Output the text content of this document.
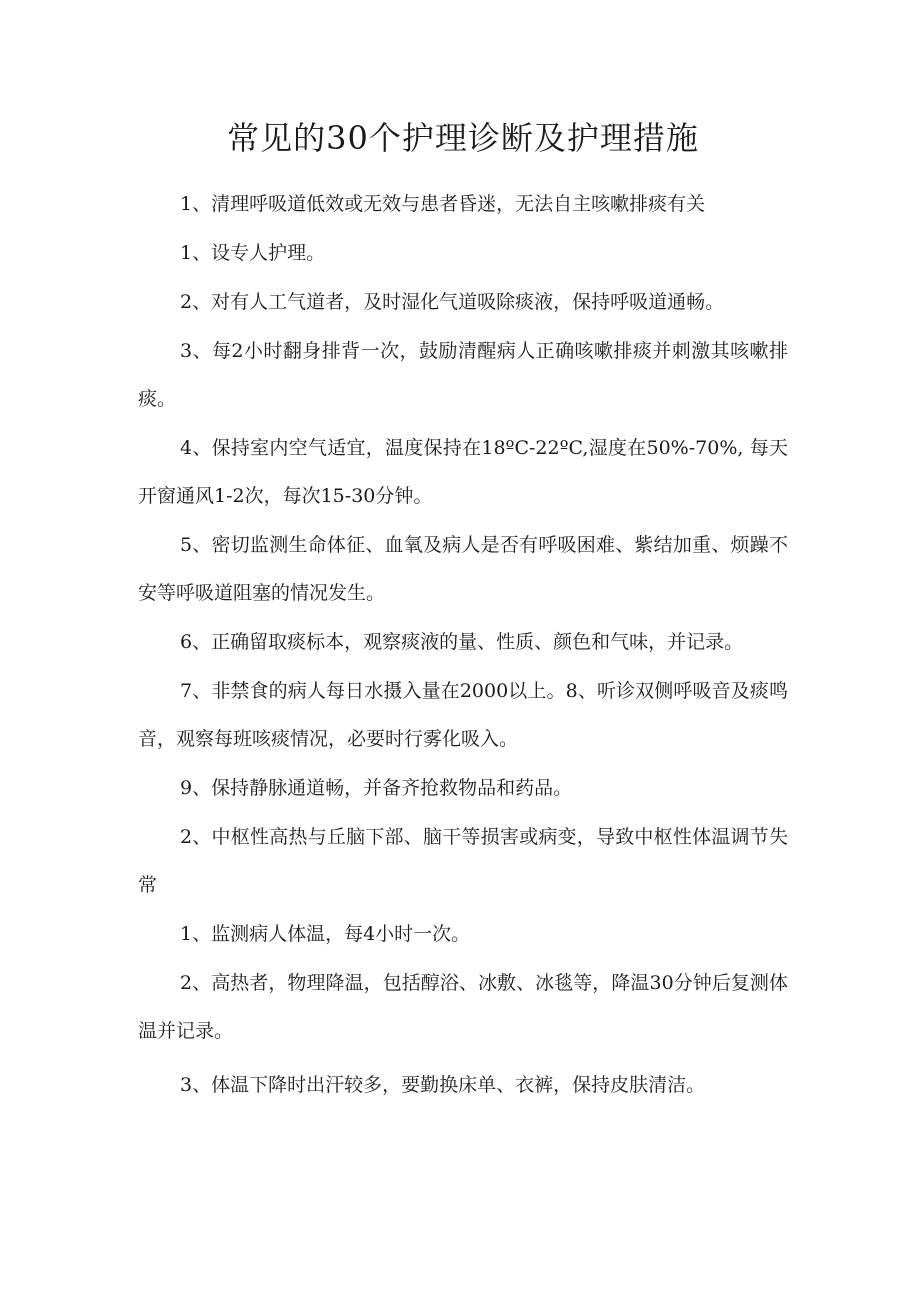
常见的30个护理诊断及护理措施

1、清理呼吸道低效或无效与患者昏迷，无法自主咳嗽排痰有关

1、设专人护理。

2、对有人工气道者，及时湿化气道吸除痰液，保持呼吸道通畅。

3、每2小时翻身排背一次，鼓励清醒病人正确咳嗽排痰并刺激其咳嗽排痰。

4、保持室内空气适宜，温度保持在18ºC-22ºC,湿度在50%-70%, 每天开窗通风1-2次，每次15-30分钟。

5、密切监测生命体征、血氧及病人是否有呼吸困难、紫结加重、烦躁不安等呼吸道阻塞的情况发生。

6、正确留取痰标本，观察痰液的量、性质、颜色和气味，并记录。

7、非禁食的病人每日水摄入量在2000以上。8、听诊双侧呼吸音及痰鸣音，观察每班咳痰情况，必要时行雾化吸入。

9、保持静脉通道畅，并备齐抢救物品和药品。

2、中枢性高热与丘脑下部、脑干等损害或病变，导致中枢性体温调节失常

1、监测病人体温，每4小时一次。

2、高热者，物理降温，包括醇浴、冰敷、冰毯等，降温30分钟后复测体温并记录。

3、体温下降时出汗较多，要勤换床单、衣裤，保持皮肤清洁。
